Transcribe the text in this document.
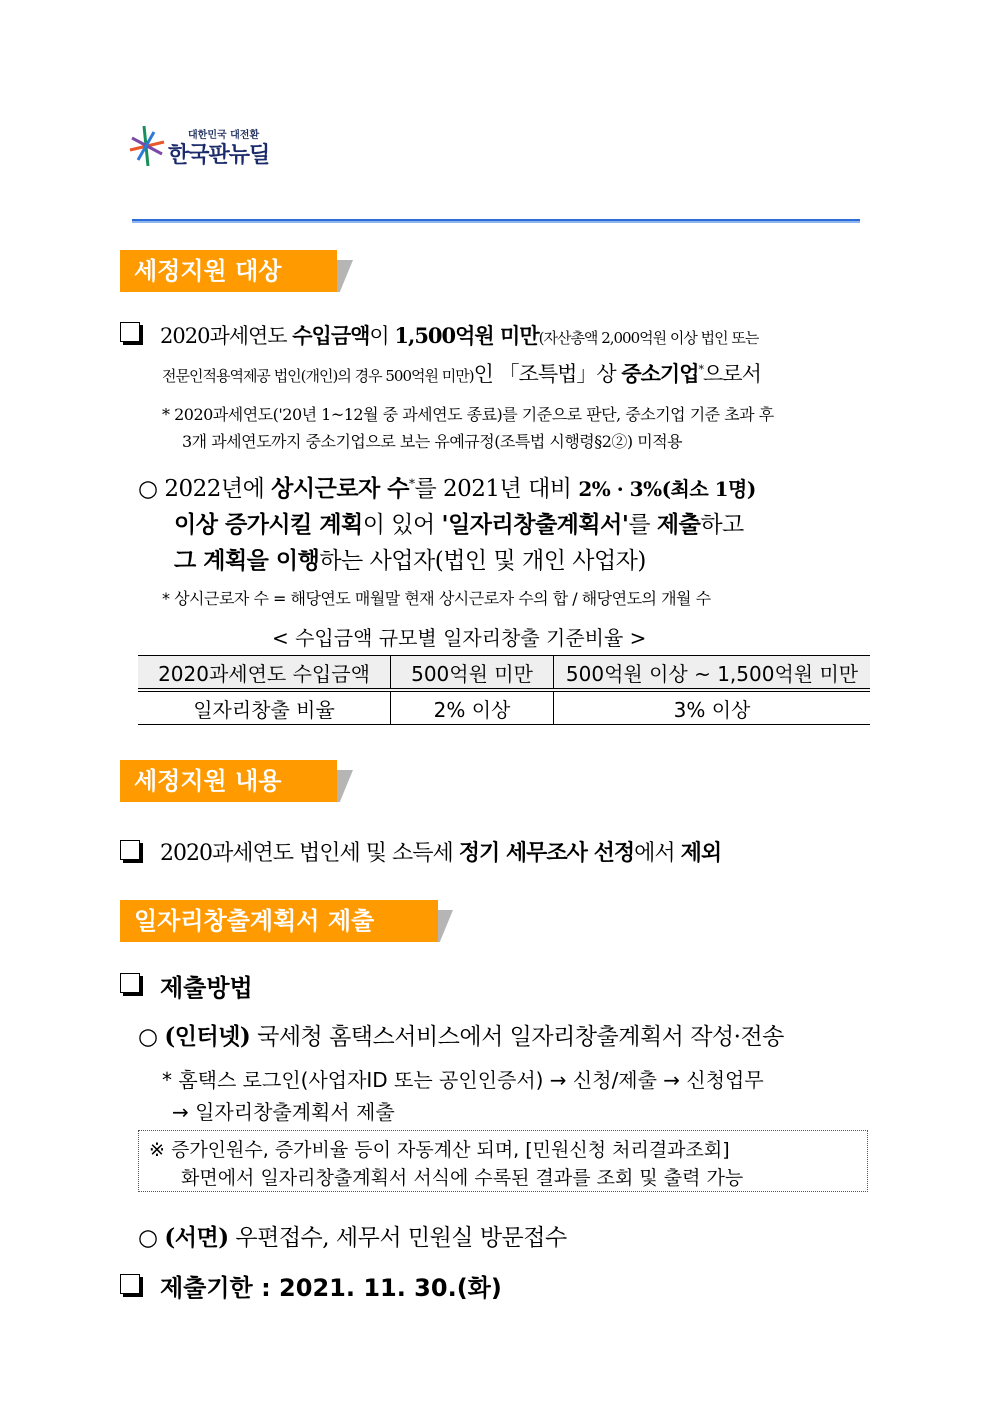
대한민국 대전환
한국판뉴딜
세정지원 대상
2020과세연도 수입금액이 1,500억원 미만(자산총액 2,000억원 이상 법인 또는
전문인적용역제공 법인(개인)의 경우 500억원 미만)인 「조특법」상 중소기업*으로서
* 2020과세연도('20년 1~12월 중 과세연도 종료)를 기준으로 판단, 중소기업 기준 초과 후
3개 과세연도까지 중소기업으로 보는 유예규정(조특법 시행령§2②) 미적용
○ 2022년에 상시근로자 수*를 2021년 대비 2% · 3%(최소 1명)
이상 증가시킬 계획이 있어 '일자리창출계획서'를 제출하고
그 계획을 이행하는 사업자(법인 및 개인 사업자)
* 상시근로자 수 = 해당연도 매월말 현재 상시근로자 수의 합 / 해당연도의 개월 수
< 수입금액 규모별 일자리창출 기준비율 >
2020과세연도 수입금액	500억원 미만	500억원 이상 ~ 1,500억원 미만
일자리창출 비율	2% 이상	3% 이상
세정지원 내용
2020과세연도 법인세 및 소득세 정기 세무조사 선정에서 제외
일자리창출계획서 제출
제출방법
○ (인터넷) 국세청 홈택스서비스에서 일자리창출계획서 작성·전송
* 홈택스 로그인(사업자ID 또는 공인인증서) → 신청/제출 → 신청업무
→ 일자리창출계획서 제출
※ 증가인원수, 증가비율 등이 자동계산 되며, [민원신청 처리결과조회]
화면에서 일자리창출계획서 서식에 수록된 결과를 조회 및 출력 가능
○ (서면) 우편접수, 세무서 민원실 방문접수
제출기한 : 2021. 11. 30.(화)
